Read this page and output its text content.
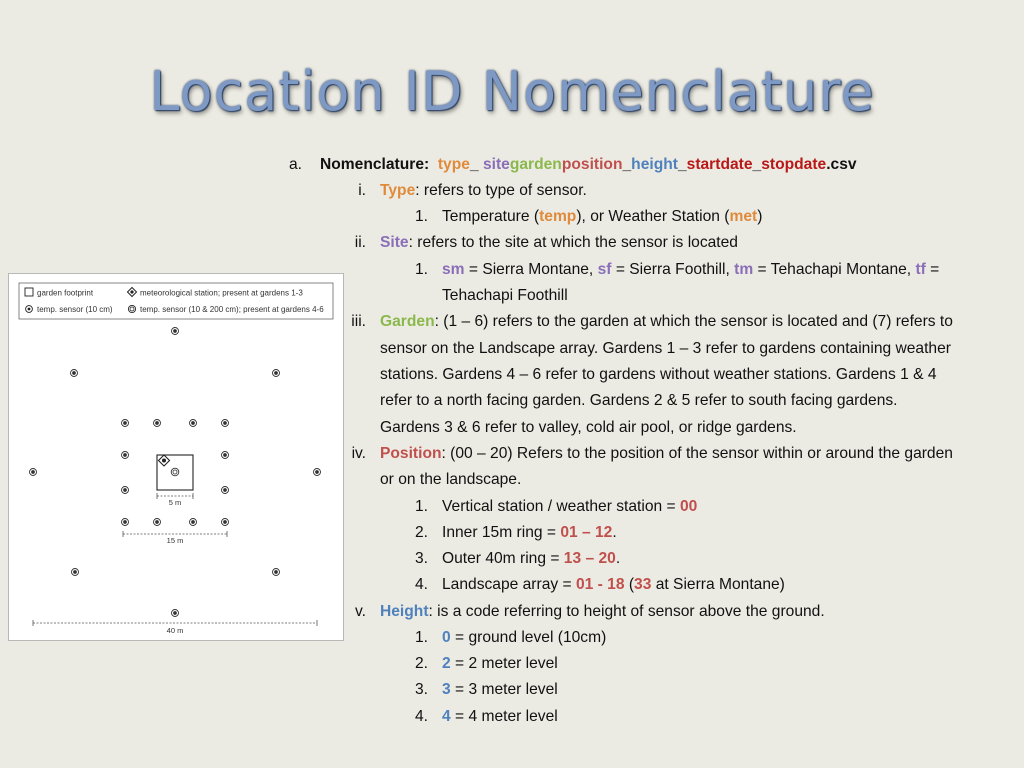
Location ID Nomenclature
a. Nomenclature: type_ sitegardenposition_height_startdate_stopdate.csv
i. Type: refers to type of sensor.
1. Temperature (temp), or Weather Station (met)
ii. Site: refers to the site at which the sensor is located
1. sm = Sierra Montane, sf = Sierra Foothill, tm = Tehachapi Montane, tf =
Tehachapi Foothill
iii. Garden: (1 – 6) refers to the garden at which the sensor is located and (7) refers to
sensor on the Landscape array. Gardens 1 – 3 refer to gardens containing weather
stations. Gardens 4 – 6 refer to gardens without weather stations. Gardens 1 & 4
refer to a north facing garden. Gardens 2 & 5 refer to south facing gardens.
Gardens 3 & 6 refer to valley, cold air pool, or ridge gardens.
iv. Position: (00 – 20) Refers to the position of the sensor within or around the garden
or on the landscape.
1. Vertical station / weather station = 00
2. Inner 15m ring = 01 – 12.
3. Outer 40m ring = 13 – 20.
4. Landscape array = 01 - 18 (33 at Sierra Montane)
v. Height: is a code referring to height of sensor above the ground.
1. 0 = ground level (10cm)
2. 2 = 2 meter level
3. 3 = 3 meter level
4. 4 = 4 meter level
garden footprint	meteorological station; present at gardens 1-3
temp. sensor (10 cm)	temp. sensor (10 & 200 cm); present at gardens 4-6
5 m
15 m
40 m
